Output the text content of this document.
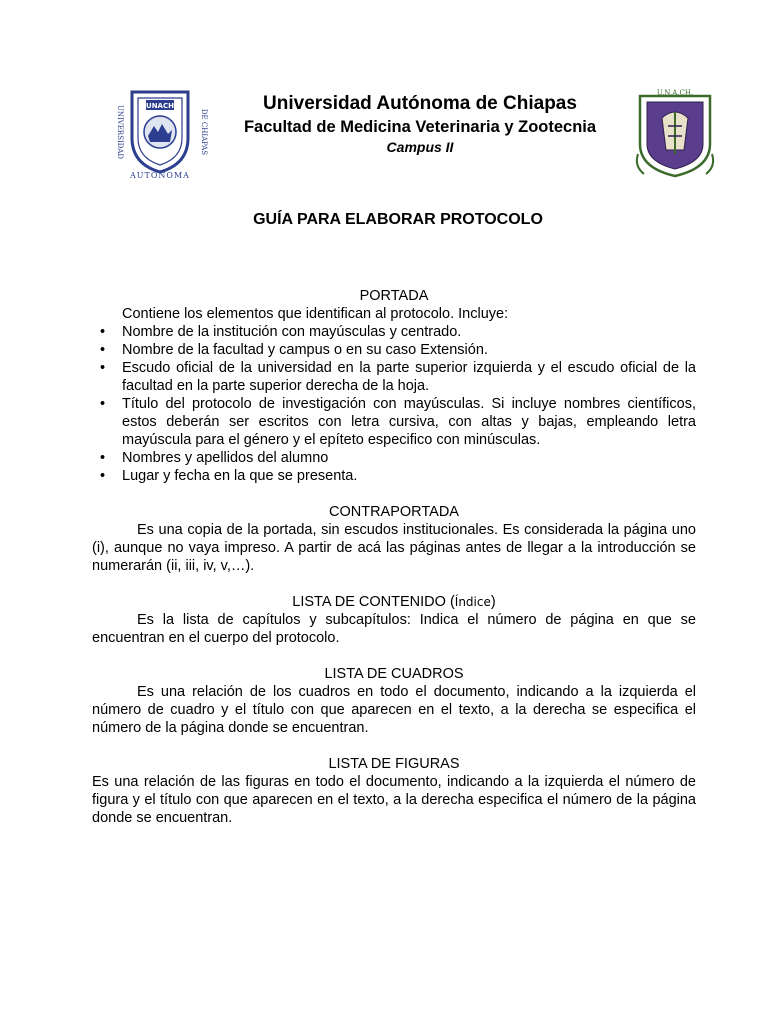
UNIVERSIDAD	DE CHIAPAS
UNACH
AUTONOMA
Universidad Autónoma de Chiapas
Facultad de Medicina Veterinaria y Zootecnia
Campus II
U.N.A.CH.
GUÍA PARA ELABORAR PROTOCOLO

PORTADA

Contiene los elementos que identifican al protocolo. Incluye:

• Nombre de la institución con mayúsculas y centrado.
• Nombre de la facultad y campus o en su caso Extensión.
• Escudo oficial de la universidad en la parte superior izquierda y el escudo oficial de la facultad en la parte superior derecha de la hoja.
• Título del protocolo de investigación con mayúsculas. Si incluye nombres científicos, estos deberán ser escritos con letra cursiva, con altas y bajas, empleando letra mayúscula para el género y el epíteto especifico con minúsculas.
• Nombres y apellidos del alumno
• Lugar y fecha en la que se presenta.

CONTRAPORTADA

Es una copia de la portada, sin escudos institucionales. Es considerada la página uno (i), aunque no vaya impreso. A partir de acá las páginas antes de llegar a la introducción se numerarán (ii, iii, iv, v,…).

LISTA DE CONTENIDO (Índice)

Es la lista de capítulos y subcapítulos: Indica el número de página en que se encuentran en el cuerpo del protocolo.

LISTA DE CUADROS

Es una relación de los cuadros en todo el documento, indicando a la izquierda el número de cuadro y el título con que aparecen en el texto, a la derecha se especifica el número de la página donde se encuentran.

LISTA DE FIGURAS

Es una relación de las figuras en todo el documento, indicando a la izquierda el número de figura y el título con que aparecen en el texto, a la derecha especifica el número de la página donde se encuentran.
